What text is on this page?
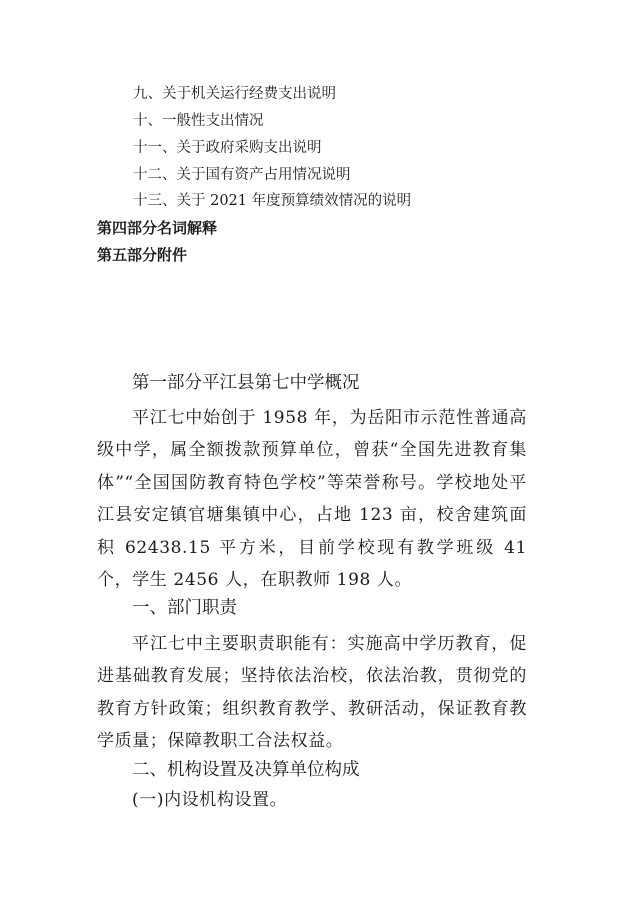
九、关于机关运行经费支出说明
十、一般性支出情况
十一、关于政府采购支出说明
十二、关于国有资产占用情况说明
十三、关于 2021 年度预算绩效情况的说明
第四部分名词解释
第五部分附件
第一部分平江县第七中学概况
平江七中始创于 1958 年，为岳阳市示范性普通高级中学，属全额拨款预算单位，曾获“全国先进教育集体”“全国国防教育特色学校”等荣誉称号。学校地处平江县安定镇官塘集镇中心，占地 123 亩，校舍建筑面积 62438.15 平方米，目前学校现有教学班级 41 个，学生 2456 人，在职教师 198 人。
一、部门职责
平江七中主要职责职能有：实施高中学历教育，促进基础教育发展；坚持依法治校，依法治教，贯彻党的教育方针政策；组织教育教学、教研活动，保证教育教学质量；保障教职工合法权益。
二、机构设置及决算单位构成
(一)内设机构设置。
